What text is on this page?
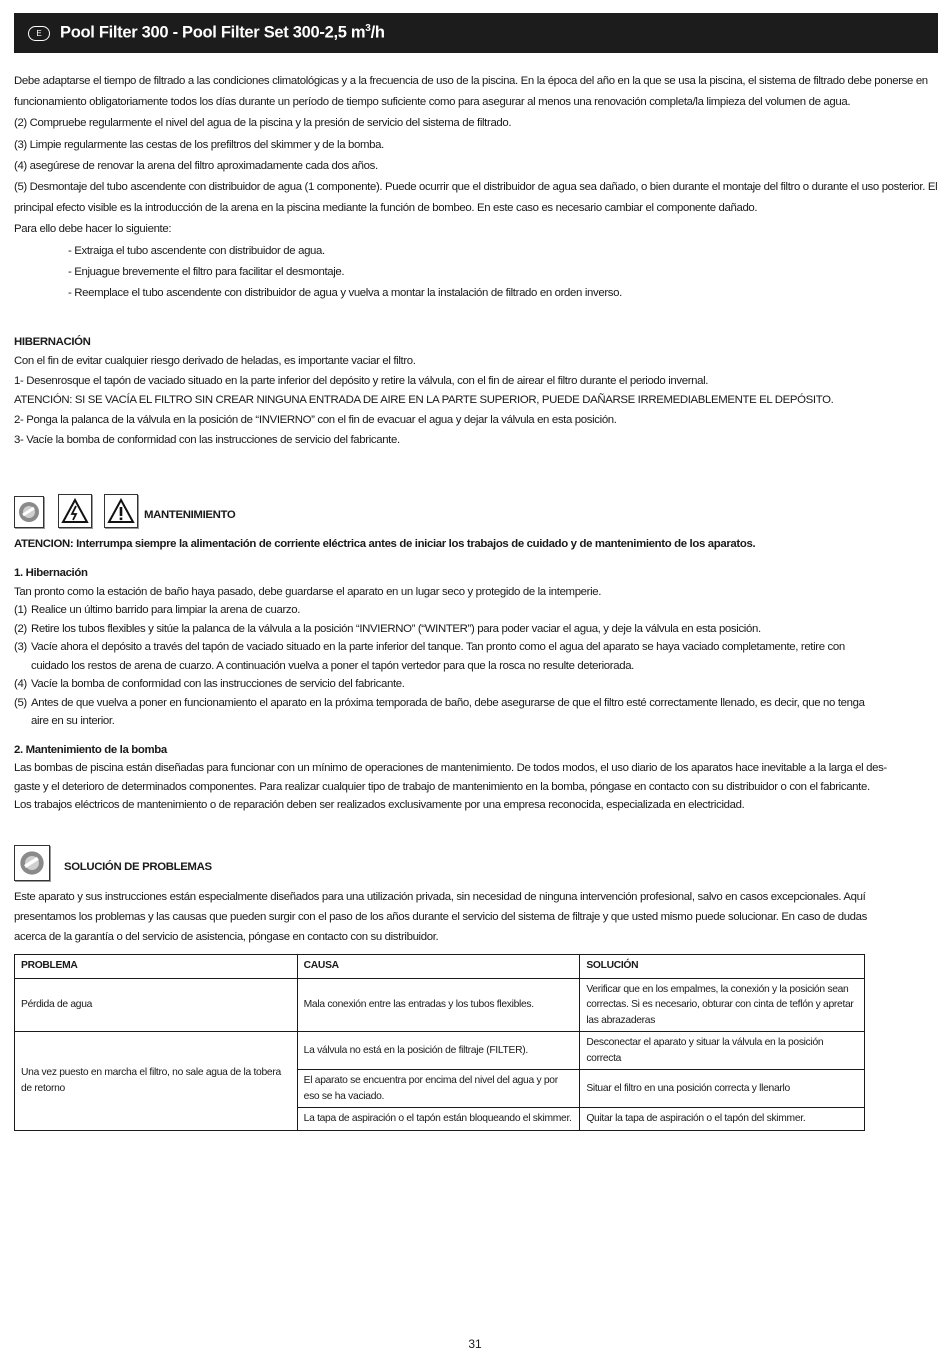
E	Pool Filter 300 - Pool Filter Set 300-2,5 $m^3/h$
Debe adaptarse el tiempo de filtrado a las condiciones climatológicas y a la frecuencia de uso de la piscina. En la época del año en la que se usa la piscina, el sistema de filtrado debe ponerse en
funcionamiento obligatoriamente todos los días durante un período de tiempo suficiente como para asegurar al menos una renovación completa/la limpieza del volumen de agua.
(2) Compruebe regularmente el nivel del agua de la piscina y la presión de servicio del sistema de filtrado.
(3) Limpie regularmente las cestas de los prefiltros del skimmer y de la bomba.
(4) asegúrese de renovar la arena del filtro aproximadamente cada dos años.
(5) Desmontaje del tubo ascendente con distribuidor de agua (1 componente). Puede ocurrir que el distribuidor de agua sea dañado, o bien durante el montaje del filtro o durante el uso posterior. El
principal efecto visible es la introducción de la arena en la piscina mediante la función de bombeo. En este caso es necesario cambiar el componente dañado.
Para ello debe hacer lo siguiente:
- Extraiga el tubo ascendente con distribuidor de agua.
- Enjuague brevemente el filtro para facilitar el desmontaje.
- Reemplace el tubo ascendente con distribuidor de agua y vuelva a montar la instalación de filtrado en orden inverso.
HIBERNACIÓN
Con el fin de evitar cualquier riesgo derivado de heladas, es importante vaciar el filtro.
1- Desenrosque el tapón de vaciado situado en la parte inferior del depósito y retire la válvula, con el fin de airear el filtro durante el periodo invernal.
ATENCIÓN: SI SE VACÍA EL FILTRO SIN CREAR NINGUNA ENTRADA DE AIRE EN LA PARTE SUPERIOR, PUEDE DAÑARSE IRREMEDIABLEMENTE EL DEPÓSITO.
2- Ponga la palanca de la válvula en la posición de “INVIERNO” con el fin de evacuar el agua y dejar la válvula en esta posición.
3- Vacíe la bomba de conformidad con las instrucciones de servicio del fabricante.
MANTENIMIENTO
ATENCION: Interrumpa siempre la alimentación de corriente eléctrica antes de iniciar los trabajos de cuidado y de mantenimiento de los aparatos.
1. Hibernación
Tan pronto como la estación de baño haya pasado, debe guardarse el aparato en un lugar seco y protegido de la intemperie.
(1) Realice un último barrido para limpiar la arena de cuarzo.
(2) Retire los tubos flexibles y sitúe la palanca de la válvula a la posición “INVIERNO” (“WINTER”) para poder vaciar el agua, y deje la válvula en esta posición.
(3) Vacíe ahora el depósito a través del tapón de vaciado situado en la parte inferior del tanque. Tan pronto como el agua del aparato se haya vaciado completamente, retire con
cuidado los restos de arena de cuarzo. A continuación vuelva a poner el tapón vertedor para que la rosca no resulte deteriorada.
(4) Vacíe la bomba de conformidad con las instrucciones de servicio del fabricante.
(5) Antes de que vuelva a poner en funcionamiento el aparato en la próxima temporada de baño, debe asegurarse de que el filtro esté correctamente llenado, es decir, que no tenga
aire en su interior.
2. Mantenimiento de la bomba
Las bombas de piscina están diseñadas para funcionar con un mínimo de operaciones de mantenimiento. De todos modos, el uso diario de los aparatos hace inevitable a la larga el des-
gaste y el deterioro de determinados componentes. Para realizar cualquier tipo de trabajo de mantenimiento en la bomba, póngase en contacto con su distribuidor o con el fabricante.
Los trabajos eléctricos de mantenimiento o de reparación deben ser realizados exclusivamente por una empresa reconocida, especializada en electricidad.
SOLUCIÓN DE PROBLEMAS
Este aparato y sus instrucciones están especialmente diseñados para una utilización privada, sin necesidad de ninguna intervención profesional, salvo en casos excepcionales. Aquí
presentamos los problemas y las causas que pueden surgir con el paso de los años durante el servicio del sistema de filtraje y que usted mismo puede solucionar. En caso de dudas
acerca de la garantía o del servicio de asistencia, póngase en contacto con su distribuidor.
PROBLEMA	CAUSA	SOLUCIÓN
Pérdida de agua	Mala conexión entre las entradas y los tubos flexibles.	Verificar que en los empalmes, la conexión y la posición sean correctas. Si es necesario, obturar con cinta de teflón y apretar las abrazaderas
Una vez puesto en marcha el filtro, no sale agua de la tobera de retorno	La válvula no está en la posición de filtraje (FILTER).	Desconectar el aparato y situar la válvula en la posición correcta
	El aparato se encuentra por encima del nivel del agua y por eso se ha vaciado.	Situar el filtro en una posición correcta y llenarlo
	La tapa de aspiración o el tapón están bloqueando el skimmer.	Quitar la tapa de aspiración o el tapón del skimmer.
31
